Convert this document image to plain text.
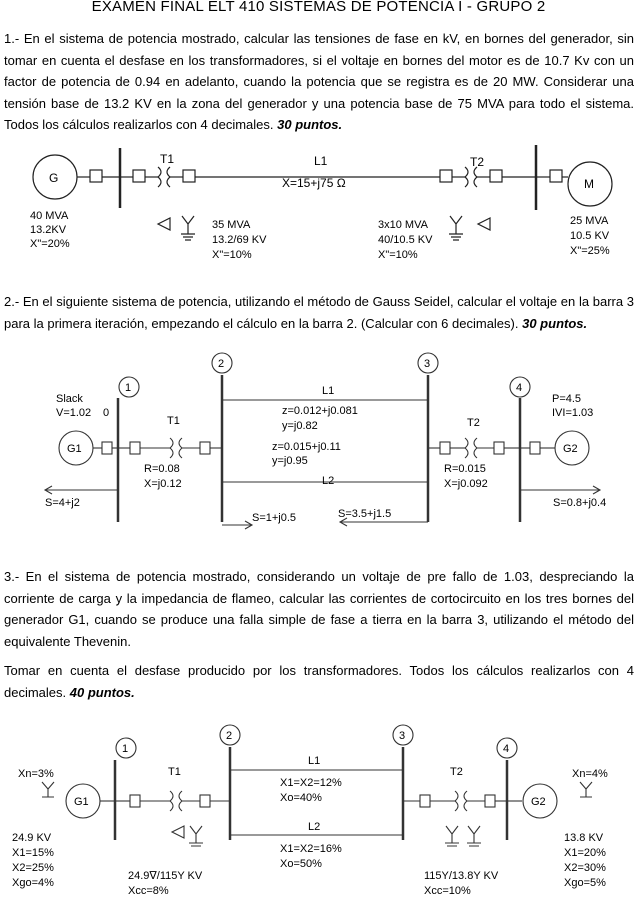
EXAMEN FINAL ELT 410 SISTEMAS DE POTENCIA I - GRUPO 2
1.- En el sistema de potencia mostrado, calcular las tensiones de fase en kV, en bornes del generador, sin tomar en cuenta el desfase en los transformadores, si el voltaje en bornes del motor es de 10.7 Kv con un factor de potencia de 0.94 en adelanto, cuando la potencia que se registra es de 20 MW. Considerar una tensión base de 13.2 KV en la zona del generador y una potencia base de 75 MVA para todo el sistema. Todos los cálculos realizarlos con 4 decimales. 30 puntos.
G	M
T1	T2
L1
X=15+j75 Ω
40 MVA
13.2KV
X"=20%
35 MVA
13.2/69 KV
X"=10%
3x10 MVA
40/10.5 KV
X"=10%
25 MVA
10.5 KV
X"=25%
2.- En el siguiente sistema de potencia, utilizando el método de Gauss Seidel, calcular el voltaje en la barra 3 para la primera iteración, empezando el cálculo en la barra 2. (Calcular con 6 decimales). 30 puntos.
1
2	3
4
Slack
V=1.02 0
G1	G2
T1	T2
L1
z=0.012+j0.081
y=j0.82
z=0.015+j0.11
y=j0.95
L2
R=0.08
X=j0.12
R=0.015
X=j0.092
P=4.5
IVI=1.03
S=4+j2
S=1+j0.5	S=3.5+j1.5
S=0.8+j0.4
3.- En el sistema de potencia mostrado, considerando un voltaje de pre fallo de 1.03, despreciando la corriente de carga y la impedancia de flameo, calcular las corrientes de cortocircuito en los tres bornes del generador G1, cuando se produce una falla simple de fase a tierra en la barra 3, utilizando el método del equivalente Thevenin.
Tomar en cuenta el desfase producido por los transformadores. Todos los cálculos realizarlos con 4 decimales. 40 puntos.
1
2	3
4
G1	G2
T1	T2
Xn=3%	Xn=4%
L1
X1=X2=12%
Xo=40%
L2
X1=X2=16%
Xo=50%
24.9 KV
X1=15%
X2=25%
Xgo=4%
24.9∇/115Y KV
Xcc=8%
115Y/13.8Y KV
Xcc=10%
13.8 KV
X1=20%
X2=30%
Xgo=5%
